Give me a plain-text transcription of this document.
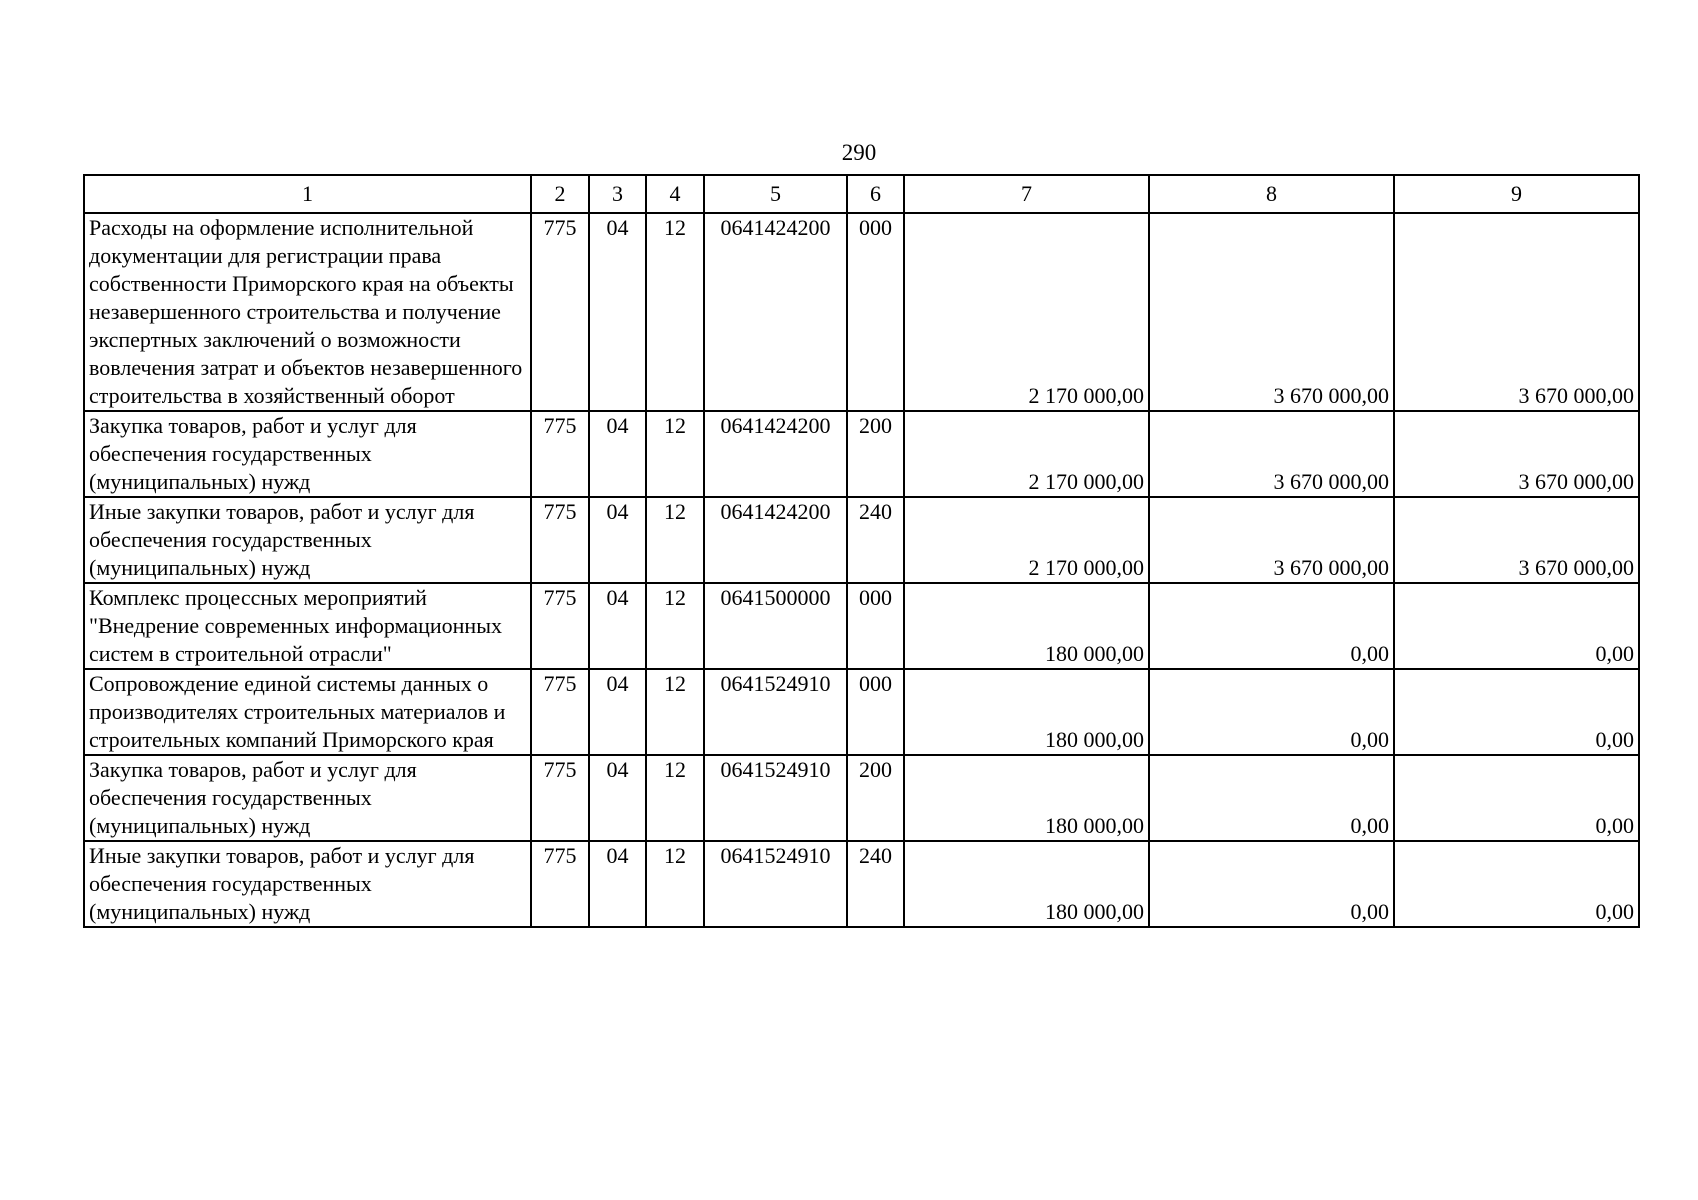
290
1	2	3	4	5	6	7	8	9
Расходы на оформление исполнительной документации для регистрации права собственности Приморского края на объекты незавершенного строительства и получение экспертных заключений о возможности вовлечения затрат и объектов незавершенного строительства в хозяйственный оборот	775	04	12	0641424200	000	2 170 000,00	3 670 000,00	3 670 000,00
Закупка товаров, работ и услуг для обеспечения государственных (муниципальных) нужд	775	04	12	0641424200	200	2 170 000,00	3 670 000,00	3 670 000,00
Иные закупки товаров, работ и услуг для обеспечения государственных (муниципальных) нужд	775	04	12	0641424200	240	2 170 000,00	3 670 000,00	3 670 000,00
Комплекс процессных мероприятий "Внедрение современных информационных систем в строительной отрасли"	775	04	12	0641500000	000	180 000,00	0,00	0,00
Сопровождение единой системы данных о производителях строительных материалов и строительных компаний Приморского края	775	04	12	0641524910	000	180 000,00	0,00	0,00
Закупка товаров, работ и услуг для обеспечения государственных (муниципальных) нужд	775	04	12	0641524910	200	180 000,00	0,00	0,00
Иные закупки товаров, работ и услуг для обеспечения государственных (муниципальных) нужд	775	04	12	0641524910	240	180 000,00	0,00	0,00
